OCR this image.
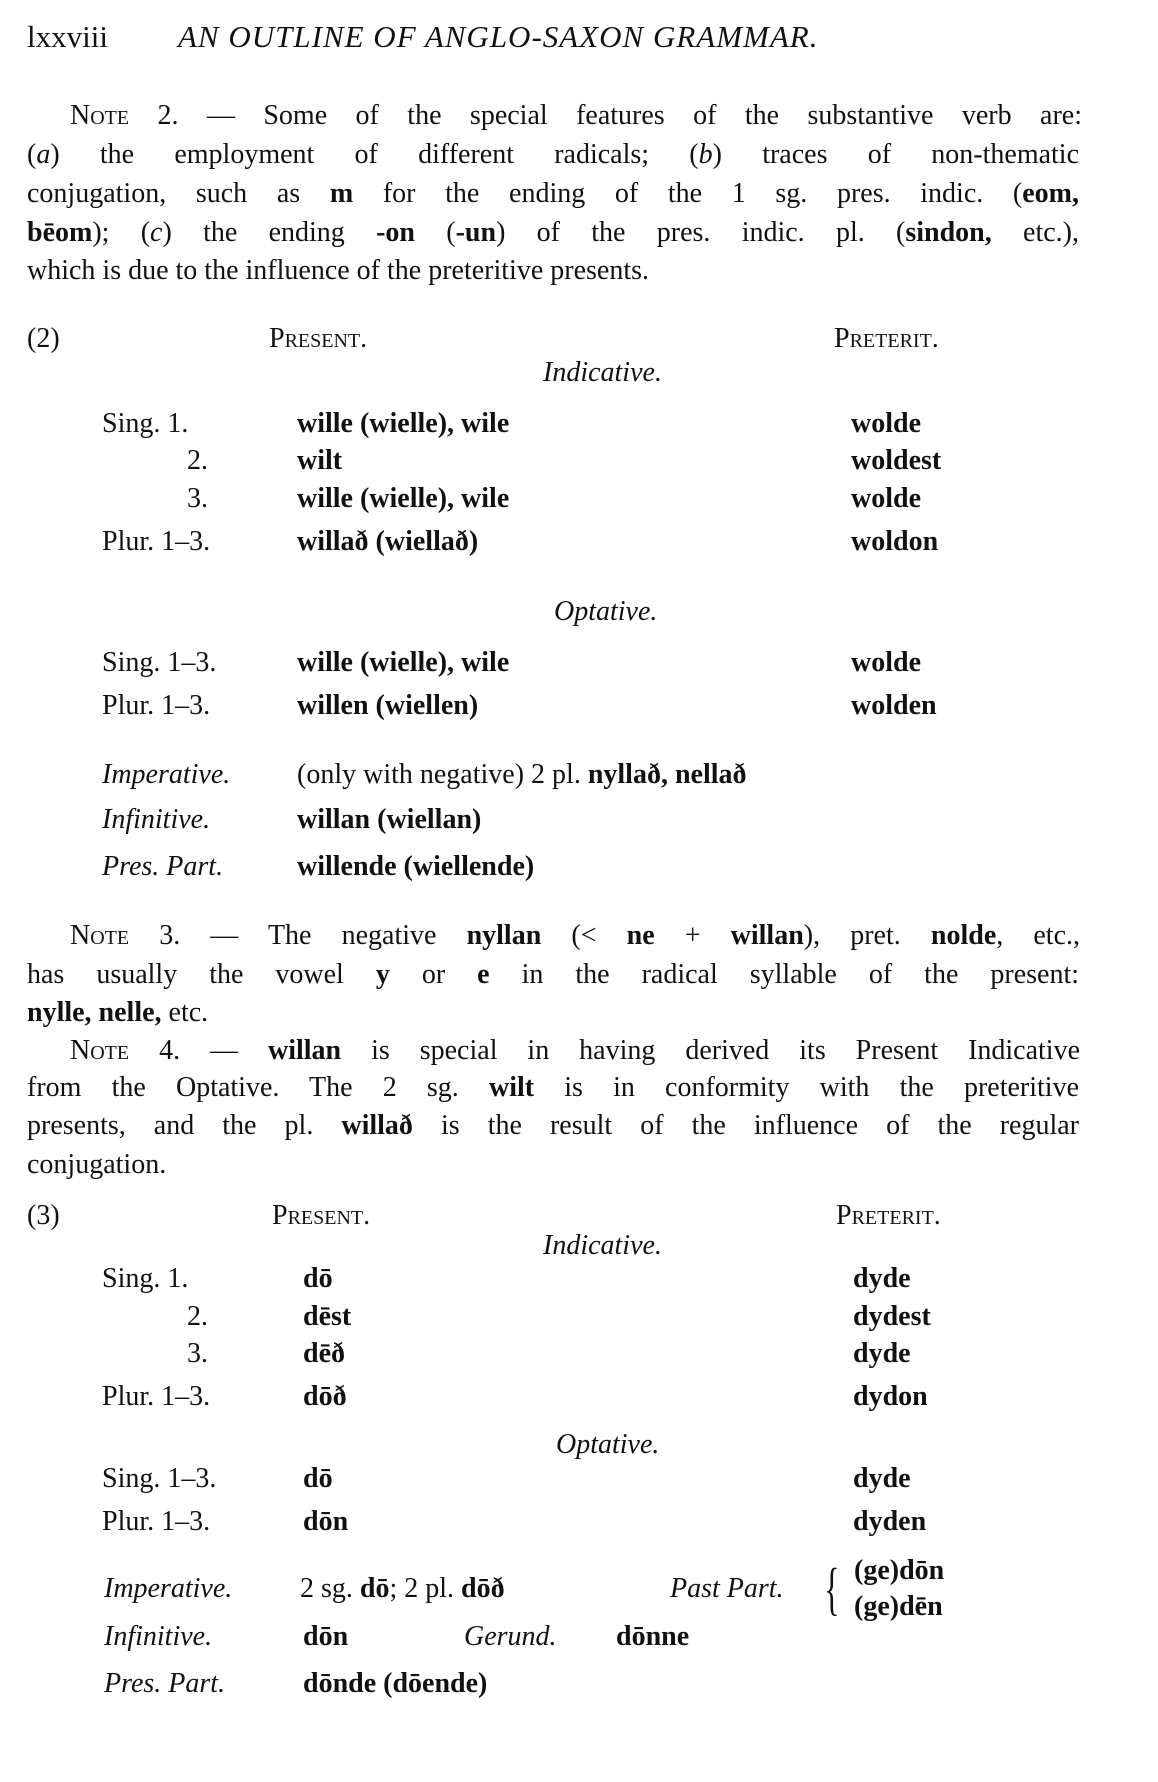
lxxviii AN OUTLINE OF ANGLO-SAXON GRAMMAR.
Note 2. — Some of the special features of the substantive verb are:
(a) the employment of different radicals; (b) traces of non-thematic
conjugation, such as m for the ending of the 1 sg. pres. indic. (eom,
bēom); (c) the ending -on (-un) of the pres. indic. pl. (sindon, etc.),
which is due to the influence of the preteritive presents.
(2)	Present.	Preterit.
Indicative.
Sing. 1.	wille (wielle), wile	wolde
2.	wilt	woldest
3.	wille (wielle), wile	wolde
Plur. 1–3.	willað (wiellað)	woldon
Optative.
Sing. 1–3.	wille (wielle), wile	wolde
Plur. 1–3.	willen (wiellen)	wolden
Imperative. (only with negative) 2 pl. nyllað, nellað
Infinitive.	willan (wiellan)
Pres. Part.	willende (wiellende)
Note 3. — The negative nyllan (< ne + willan), pret. nolde, etc.,
has usually the vowel y or e in the radical syllable of the present:
nylle, nelle, etc.
Note 4. — willan is special in having derived its Present Indicative
from the Optative. The 2 sg. wilt is in conformity with the preteritive
presents, and the pl. willað is the result of the influence of the regular
conjugation.
(3)	Present.	Preterit.
Indicative.
Sing. 1.	dō	dyde
2.	dēst	dydest
3.	dēð	dyde
Plur. 1–3.	dōð	dydon
Optative.
Sing. 1–3.	dō	dyde
Plur. 1–3.	dōn	dyden
Imperative. 2 sg. dō; 2 pl. dōð	Past Part. { (ge)dōn
(ge)dēn
Infinitive.	dōn	Gerund. dōnne
Pres. Part.	dōnde (dōende)
